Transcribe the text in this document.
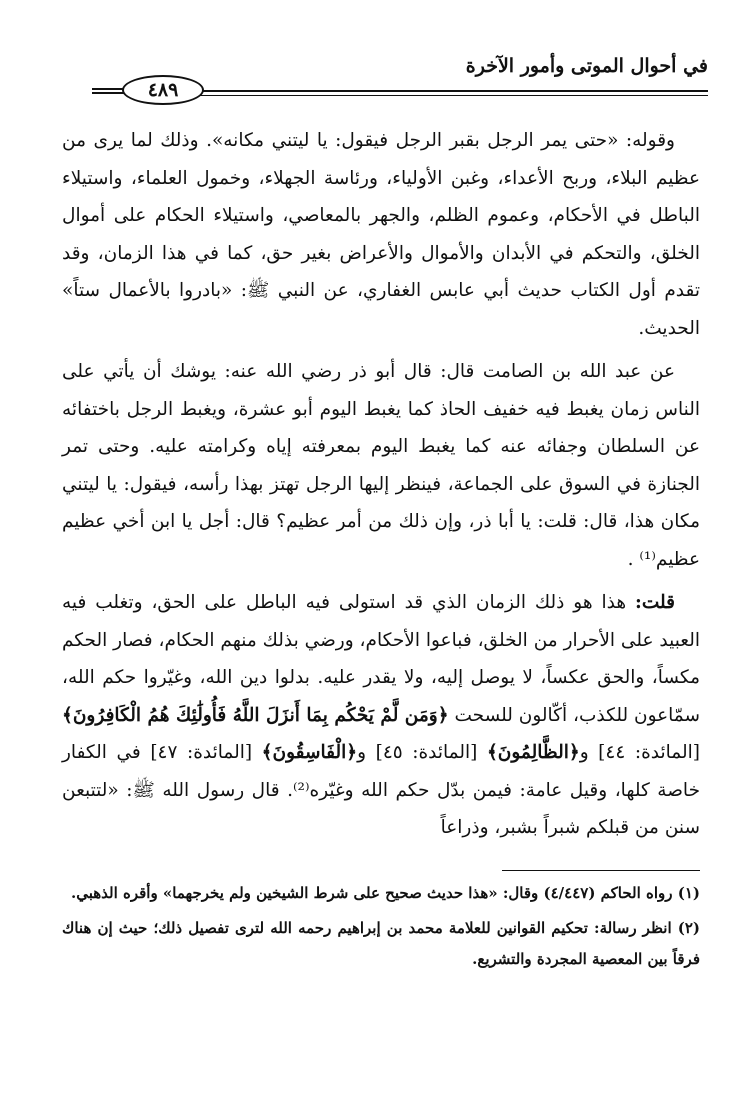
في أحوال الموتى وأمور الآخرة
٤٨٩

وقوله: «حتى يمر الرجل بقبر الرجل فيقول: يا ليتني مكانه». وذلك لما يرى من عظيم البلاء، وربح الأعداء، وغبن الأولياء، ورئاسة الجهلاء، وخمول العلماء، واستيلاء الباطل في الأحكام، وعموم الظلم، والجهر بالمعاصي، واستيلاء الحكام على أموال الخلق، والتحكم في الأبدان والأموال والأعراض بغير حق، كما في هذا الزمان، وقد تقدم أول الكتاب حديث أبي عابس الغفاري، عن النبي ﷺ: «بادروا بالأعمال ستاً» الحديث.

عن عبد الله بن الصامت قال: قال أبو ذر رضي الله عنه: يوشك أن يأتي على الناس زمان يغبط فيه خفيف الحاذ كما يغبط اليوم أبو عشرة، ويغبط الرجل باختفائه عن السلطان وجفائه عنه كما يغبط اليوم بمعرفته إياه وكرامته عليه. وحتى تمر الجنازة في السوق على الجماعة، فينظر إليها الرجل تهتز بهذا رأسه، فيقول: يا ليتني مكان هذا، قال: قلت: يا أبا ذر، وإن ذلك من أمر عظيم؟ قال: أجل يا ابن أخي عظيم عظيم⁽¹⁾ .

قلت: هذا هو ذلك الزمان الذي قد استولى فيه الباطل على الحق، وتغلب فيه العبيد على الأحرار من الخلق، فباعوا الأحكام، ورضي بذلك منهم الحكام، فصار الحكم مكساً، والحق عكساً، لا يوصل إليه، ولا يقدر عليه. بدلوا دين الله، وغيّروا حكم الله، سمّاعون للكذب، أكّالون للسحت ﴿وَمَن لَّمْ يَحْكُم بِمَا أَنزَلَ اللَّهُ فَأُولَٰئِكَ هُمُ الْكَافِرُونَ﴾ [المائدة: ٤٤] و﴿الظَّالِمُونَ﴾ [المائدة: ٤٥] و﴿الْفَاسِقُونَ﴾ [المائدة: ٤٧] في الكفار خاصة كلها، وقيل عامة: فيمن بدّل حكم الله وغيّره⁽²⁾. قال رسول الله ﷺ: «لتتبعن سنن من قبلكم شبراً بشبر، وذراعاً

(١) رواه الحاكم (٤/٤٤٧) وقال: «هذا حديث صحيح على شرط الشيخين ولم يخرجهما» وأقره الذهبي.

(٢) انظر رسالة: تحكيم القوانين للعلامة محمد بن إبراهيم رحمه الله لترى تفصيل ذلك؛ حيث إن هناك فرقاً بين المعصية المجردة والتشريع.
